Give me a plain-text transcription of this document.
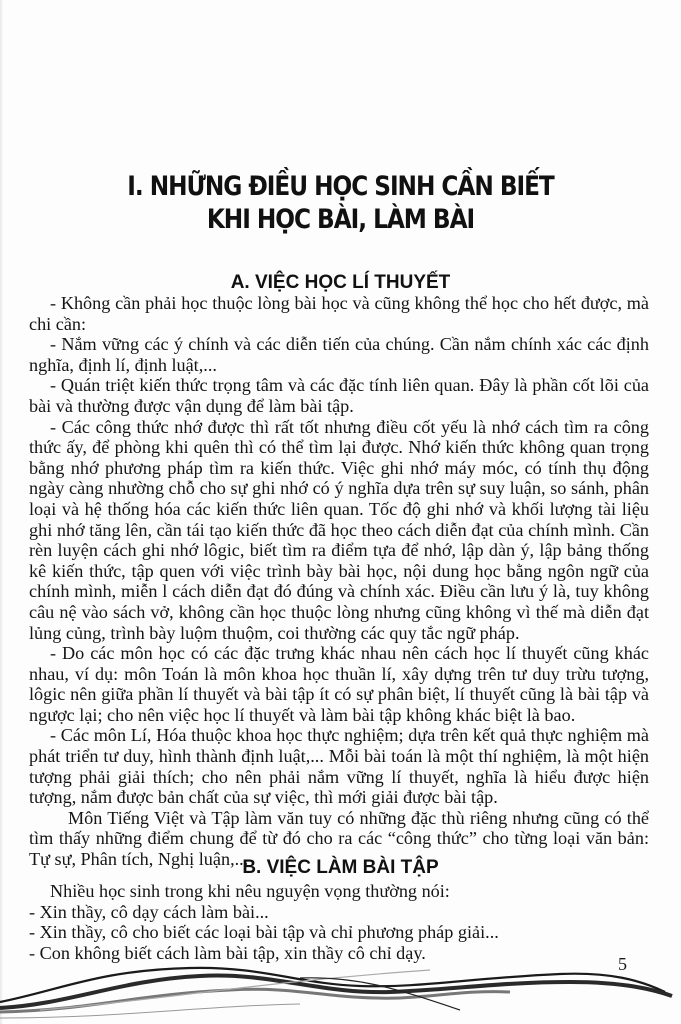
I. NHỮNG ĐIỀU HỌC SINH CẦN BIẾT
KHI HỌC BÀI, LÀM BÀI
A. VIỆC HỌC LÍ THUYẾT

- Không cần phải học thuộc lòng bài học và cũng không thể học cho hết được, mà chi cần:

- Nắm vững các ý chính và các diễn tiến của chúng. Cần nắm chính xác các định nghĩa, định lí, định luật,...

- Quán triệt kiến thức trọng tâm và các đặc tính liên quan. Đây là phần cốt lõi của bài và thường được vận dụng để làm bài tập.

- Các công thức nhớ được thì rất tốt nhưng điều cốt yếu là nhớ cách tìm ra công thức ấy, để phòng khi quên thì có thể tìm lại được. Nhớ kiến thức không quan trọng bằng nhớ phương pháp tìm ra kiến thức. Việc ghi nhớ máy móc, có tính thụ động ngày càng nhường chỗ cho sự ghi nhớ có ý nghĩa dựa trên sự suy luận, so sánh, phân loại và hệ thống hóa các kiến thức liên quan. Tốc độ ghi nhớ và khối lượng tài liệu ghi nhớ tăng lên, cần tái tạo kiến thức đã học theo cách diễn đạt của chính mình. Cần rèn luyện cách ghi nhớ lôgic, biết tìm ra điểm tựa để nhớ, lập dàn ý, lập bảng thống kê kiến thức, tập quen với việc trình bày bài học, nội dung học bằng ngôn ngữ của chính mình, miễn l cách diễn đạt đó đúng và chính xác. Điều cần lưu ý là, tuy không câu nệ vào sách vở, không cần học thuộc lòng nhưng cũng không vì thế mà diễn đạt lủng củng, trình bày luộm thuộm, coi thường các quy tắc ngữ pháp.

- Do các môn học có các đặc trưng khác nhau nên cách học lí thuyết cũng khác nhau, ví dụ: môn Toán là môn khoa học thuần lí, xây dựng trên tư duy trừu tượng, lôgic nên giữa phần lí thuyết và bài tập ít có sự phân biệt, lí thuyết cũng là bài tập và ngược lại; cho nên việc học lí thuyết và làm bài tập không khác biệt là bao.

- Các môn Lí, Hóa thuộc khoa học thực nghiệm; dựa trên kết quả thực nghiệm mà phát triển tư duy, hình thành định luật,... Mỗi bài toán là một thí nghiệm, là một hiện tượng phải giải thích; cho nên phải nắm vững lí thuyết, nghĩa là hiểu được hiện tượng, nắm được bản chất của sự việc, thì mới giải được bài tập.

Môn Tiếng Việt và Tập làm văn tuy có những đặc thù riêng nhưng cũng có thể tìm thấy những điểm chung để từ đó cho ra các “công thức” cho từng loại văn bản: Tự sự, Phân tích, Nghị luận,...

B. VIỆC LÀM BÀI TẬP

Nhiều học sinh trong khi nêu nguyện vọng thường nói:

- Xin thầy, cô dạy cách làm bài...

- Xin thầy, cô cho biết các loại bài tập và chỉ phương pháp giải...

- Con không biết cách làm bài tập, xin thầy cô chỉ dạy.

5
